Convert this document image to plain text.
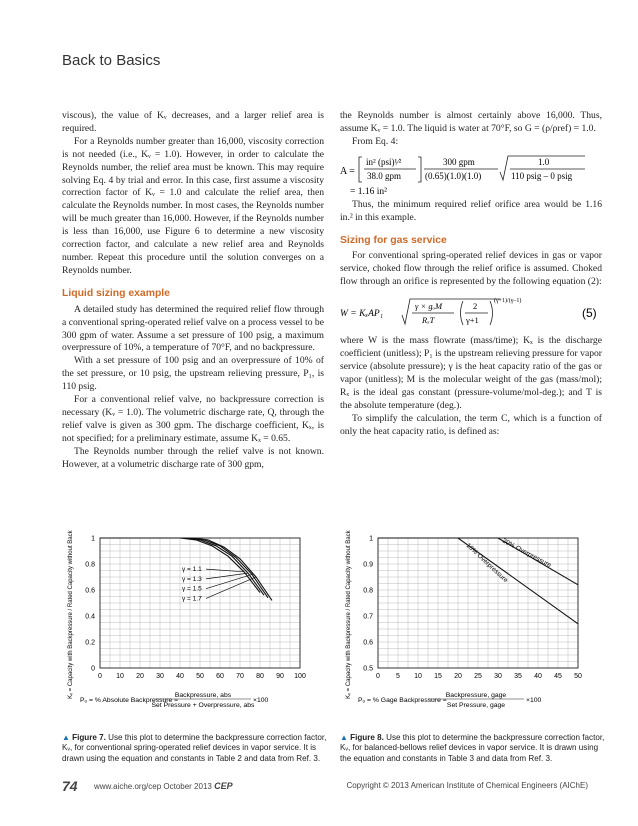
Back to Basics

viscous), the value of Kᵥ decreases, and a larger relief area is required.

For a Reynolds number greater than 16,000, viscosity correction is not needed (i.e., Kᵥ = 1.0). However, in order to calculate the Reynolds number, the relief area must be known. This may require solving Eq. 4 by trial and error. In this case, first assume a viscosity correction factor of Kᵥ = 1.0 and calculate the relief area, then calculate the Reynolds number. In most cases, the Reynolds number will be much greater than 16,000. However, if the Reynolds number is less than 16,000, use Figure 6 to determine a new viscosity correction factor, and calculate a new relief area and Reynolds number. Repeat this procedure until the solution converges on a Reynolds number.

Liquid sizing example

A detailed study has determined the required relief flow through a conventional spring-operated relief valve on a process vessel to be 300 gpm of water. Assume a set pressure of 100 psig, a maximum overpressure of 10%, a temperature of 70°F, and no backpressure.

With a set pressure of 100 psig and an overpressure of 10% of the set pressure, or 10 psig, the upstream relieving pressure, P₁, is 110 psig.

For a conventional relief valve, no backpressure correction is necessary (Kᵥ = 1.0). The volumetric discharge rate, Q, through the relief valve is given as 300 gpm. The discharge coefficient, Kₓ, is not specified; for a preliminary estimate, assume Kₓ = 0.65.

The Reynolds number through the relief valve is not known. However, at a volumetric discharge rate of 300 gpm,

the Reynolds number is almost certainly above 16,000. Thus, assume Kᵥ = 1.0. The liquid is water at 70°F, so G = (ρ/ρref) = 1.0.

From Eq. 4:

A =
in² (psi)¹⁄²
38.0 gpm
300 gpm
(0.65)(1.0)(1.0)
1.0
110 psig – 0 psig
= 1.16 in²

Thus, the minimum required relief orifice area would be 1.16 in.² in this example.

Sizing for gas service

For conventional spring-operated relief devices in gas or vapor service, choked flow through the relief orifice is assumed. Choked flow through an orifice is represented by the following equation (2):

W = KₓAP₁
γ × gₒM
RₓT
2
γ+1
(γ+1)/(γ–1)
(5)

where W is the mass flowrate (mass/time); Kₓ is the discharge coefficient (unitless); P₁ is the upstream relieving pressure for vapor service (absolute pressure); γ is the heat capacity ratio of the gas or vapor (unitless); M is the molecular weight of the gas (mass/mol); Rₓ is the ideal gas constant (pressure-volume/mol-deg.); and T is the absolute temperature (deg.).

To simplify the calculation, the term C, which is a function of only the heat capacity ratio, is defined as:

0 10 20 30 40 50 60 70 80 90 100
0
0.2
0.4
0.6
0.8
1
Kᵥ = Capacity with Backpressure / Rated Capacity without Backpressure	γ = 1.1
γ = 1.3
γ = 1.5
γ = 1.7
Pₒ = % Absolute Backpressure =
Backpressure, abs
Set Pressure + Overpressure, abs
×100
0 5 10 15 20 25 30 35 40 45 50
0.5
0.6
0.7
0.8
0.9
1
Kᵥ = Capacity with Backpressure / Rated Capacity without Backpressure	20% Overpressure
10% Overpressure
Pₒ = % Gage Backpressure =
Backpressure, gage
Set Pressure, gage
×100
▲ Figure 7. Use this plot to determine the backpressure correction factor, Kᵥ, for conventional spring-operated relief devices in vapor service. It is drawn using the equation and constants in Table 2 and data from Ref. 3.
▲ Figure 8. Use this plot to determine the backpressure correction factor, Kᵥ, for balanced-bellows relief devices in vapor service. It is drawn using the equation and constants in Table 3 and data from Ref. 3.
74 www.aiche.org/cep October 2013 CEP	Copyright © 2013 American Institute of Chemical Engineers (AIChE)
